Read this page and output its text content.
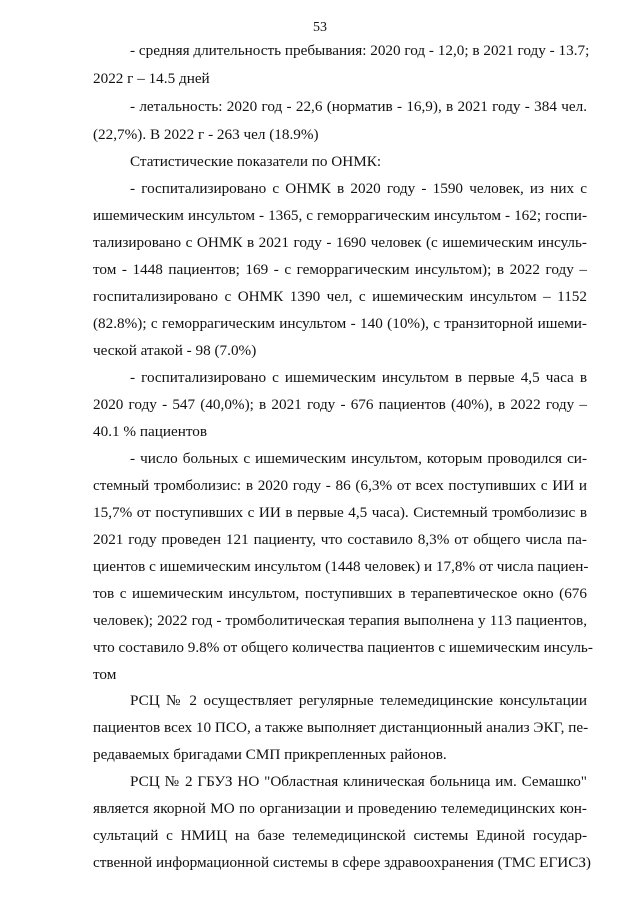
53
- средняя длительность пребывания: 2020 год - 12,0; в 2021 году - 13.7;
2022 г – 14.5 дней
- летальность: 2020 год - 22,6 (норматив - 16,9), в 2021 году - 384 чел.
(22,7%). В 2022 г - 263 чел (18.9%)
Статистические показатели по ОНМК:
- госпитализировано с ОНМК в 2020 году - 1590 человек, из них с
ишемическим инсультом - 1365, с геморрагическим инсультом - 162; госпи-
тализировано с ОНМК в 2021 году - 1690 человек (с ишемическим инсуль-
том - 1448 пациентов; 169 - с геморрагическим инсультом); в 2022 году –
госпитализировано с ОНМК 1390 чел, с ишемическим инсультом – 1152
(82.8%); с геморрагическим инсультом - 140 (10%), с транзиторной ишеми-
ческой атакой - 98 (7.0%)
- госпитализировано с ишемическим инсультом в первые 4,5 часа в
2020 году - 547 (40,0%); в 2021 году - 676 пациентов (40%), в 2022 году –
40.1 % пациентов
- число больных с ишемическим инсультом, которым проводился си-
стемный тромболизис: в 2020 году - 86 (6,3% от всех поступивших с ИИ и
15,7% от поступивших с ИИ в первые 4,5 часа). Системный тромболизис в
2021 году проведен 121 пациенту, что составило 8,3% от общего числа па-
циентов с ишемическим инсультом (1448 человек) и 17,8% от числа пациен-
тов с ишемическим инсультом, поступивших в терапевтическое окно (676
человек); 2022 год - тромболитическая терапия выполнена у 113 пациентов,
что составило 9.8% от общего количества пациентов с ишемическим инсуль-
том
РСЦ № 2 осуществляет регулярные телемедицинские консультации
пациентов всех 10 ПСО, а также выполняет дистанционный анализ ЭКГ, пе-
редаваемых бригадами СМП прикрепленных районов.
РСЦ № 2 ГБУЗ НО "Областная клиническая больница им. Семашко"
является якорной МО по организации и проведению телемедицинских кон-
сультаций с НМИЦ на базе телемедицинской системы Единой государ-
ственной информационной системы в сфере здравоохранения (ТМС ЕГИСЗ)
